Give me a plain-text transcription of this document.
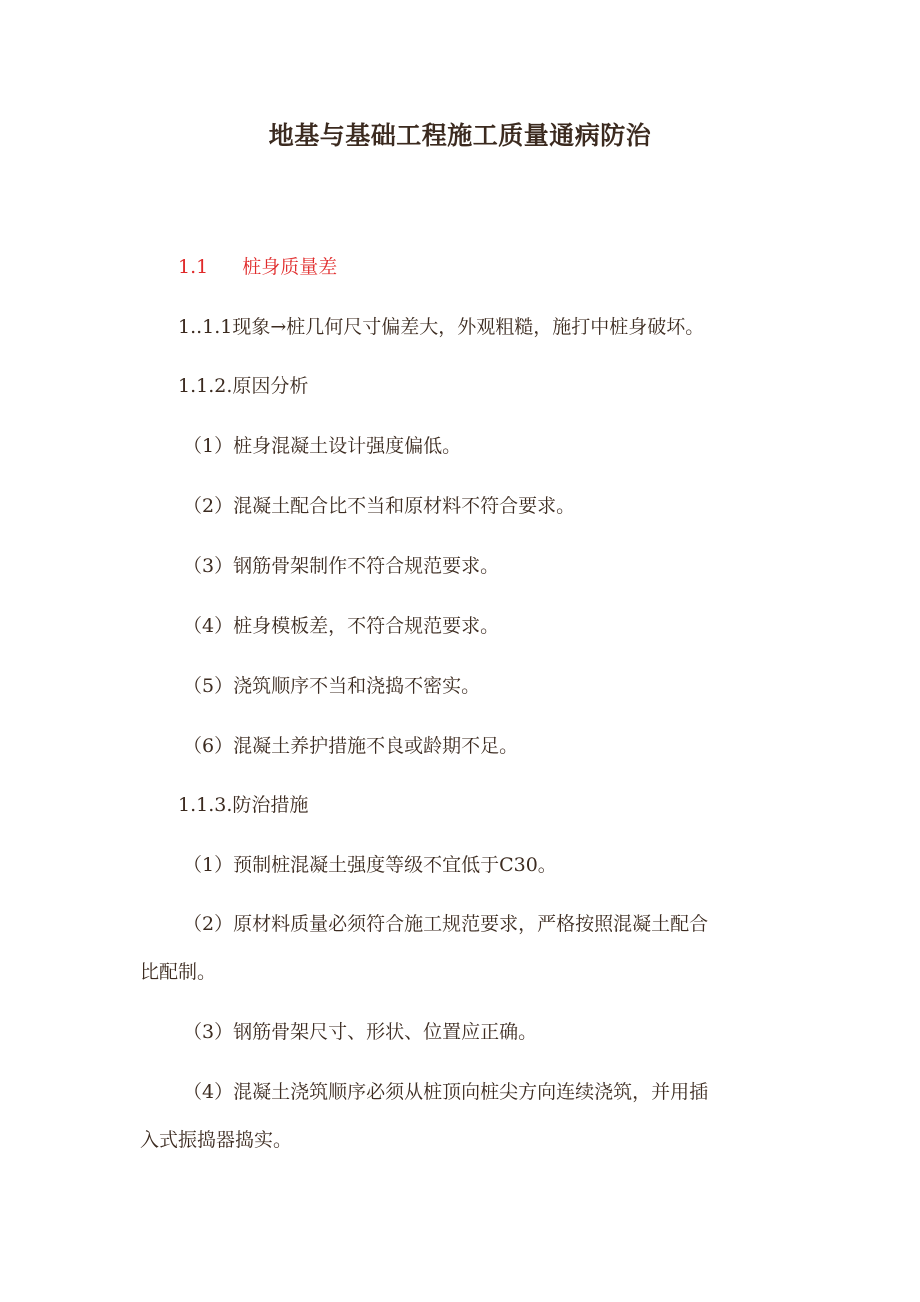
地基与基础工程施工质量通病防治
1.1 桩身质量差
1..1.1现象→桩几何尺寸偏差大，外观粗糙，施打中桩身破坏。
1.1.2.原因分析
（1）桩身混凝土设计强度偏低。
（2）混凝土配合比不当和原材料不符合要求。
（3）钢筋骨架制作不符合规范要求。
（4）桩身模板差，不符合规范要求。
（5）浇筑顺序不当和浇捣不密实。
（6）混凝土养护措施不良或龄期不足。
1.1.3.防治措施
（1）预制桩混凝土强度等级不宜低于C30。
（2）原材料质量必须符合施工规范要求，严格按照混凝土配合
比配制。
（3）钢筋骨架尺寸、形状、位置应正确。
（4）混凝土浇筑顺序必须从桩顶向桩尖方向连续浇筑，并用插
入式振捣器捣实。
